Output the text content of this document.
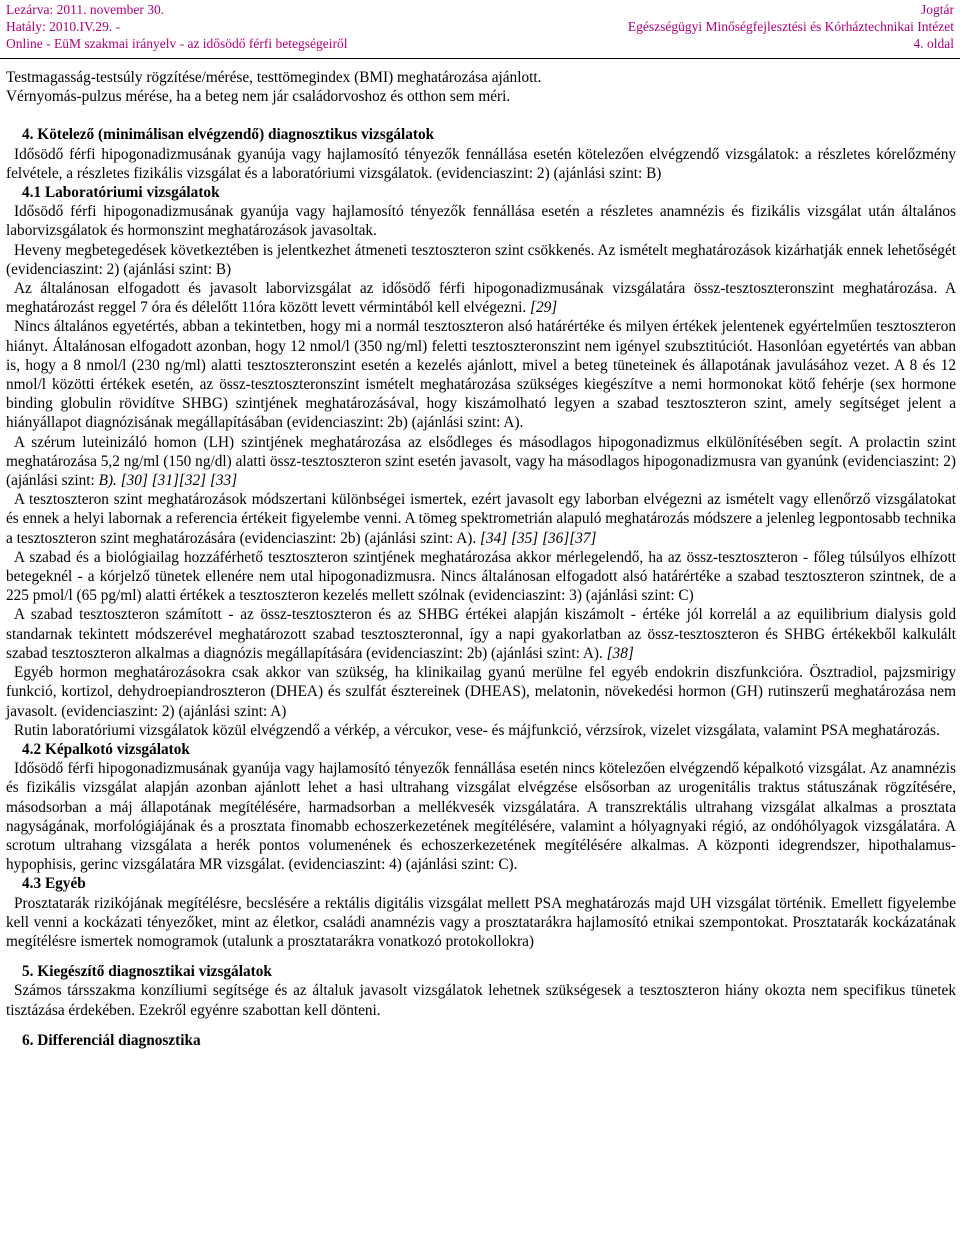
Lezárva: 2011. november 30.
Hatály: 2010.IV.29. -
Online - EüM szakmai irányelv - az idősödő férfi betegségeiről
Jogtár
Egészségügyi Minőségfejlesztési és Kórháztechnikai Intézet
4. oldal

Testmagasság-testsúly rögzítése/mérése, testtömegindex (BMI) meghatározása ajánlott.

Vérnyomás-pulzus mérése, ha a beteg nem jár családorvoshoz és otthon sem méri.

4. Kötelező (minimálisan elvégzendő) diagnosztikus vizsgálatok

Idősödő férfi hipogonadizmusának gyanúja vagy hajlamosító tényezők fennállása esetén kötelezően elvégzendő vizsgálatok: a részletes kórelőzmény felvétele, a részletes fizikális vizsgálat és a laboratóriumi vizsgálatok. (evidenciaszint: 2) (ajánlási szint: B)

4.1 Laboratóriumi vizsgálatok

Idősödő férfi hipogonadizmusának gyanúja vagy hajlamosító tényezők fennállása esetén a részletes anamnézis és fizikális vizsgálat után általános laborvizsgálatok és hormonszint meghatározások javasoltak.

Heveny megbetegedések következtében is jelentkezhet átmeneti tesztoszteron szint csökkenés. Az ismételt meghatározások kizárhatják ennek lehetőségét (evidenciaszint: 2) (ajánlási szint: B)

Az általánosan elfogadott és javasolt laborvizsgálat az idősödő férfi hipogonadizmusának vizsgálatára össz-tesztoszteronszint meghatározása. A meghatározást reggel 7 óra és délelőtt 11óra között levett vérmintából kell elvégezni. [29]

Nincs általános egyetértés, abban a tekintetben, hogy mi a normál tesztoszteron alsó határértéke és milyen értékek jelentenek egyértelműen tesztoszteron hiányt. Általánosan elfogadott azonban, hogy 12 nmol/l (350 ng/ml) feletti tesztoszteronszint nem igényel szubsztitúciót. Hasonlóan egyetértés van abban is, hogy a 8 nmol/l (230 ng/ml) alatti tesztoszteronszint esetén a kezelés ajánlott, mivel a beteg tüneteinek és állapotának javulásához vezet. A 8 és 12 nmol/l közötti értékek esetén, az össz-tesztoszteronszint ismételt meghatározása szükséges kiegészítve a nemi hormonokat kötő fehérje (sex hormone binding globulin rövidítve SHBG) szintjének meghatározásával, hogy kiszámolható legyen a szabad tesztoszteron szint, amely segítséget jelent a hiányállapot diagnózisának megállapításában (evidenciaszint: 2b) (ajánlási szint: A).

A szérum luteinizáló homon (LH) szintjének meghatározása az elsődleges és másodlagos hipogonadizmus elkülönítésében segít. A prolactin szint meghatározása 5,2 ng/ml (150 ng/dl) alatti össz-tesztoszteron szint esetén javasolt, vagy ha másodlagos hipogonadizmusra van gyanúnk (evidenciaszint: 2) (ajánlási szint: B). [30] [31][32] [33]

A tesztoszteron szint meghatározások módszertani különbségei ismertek, ezért javasolt egy laborban elvégezni az ismételt vagy ellenőrző vizsgálatokat és ennek a helyi labornak a referencia értékeit figyelembe venni. A tömeg spektrometrián alapuló meghatározás módszere a jelenleg legpontosabb technika a tesztoszteron szint meghatározására (evidenciaszint: 2b) (ajánlási szint: A). [34] [35] [36][37]

A szabad és a biológiailag hozzáférhető tesztoszteron szintjének meghatározása akkor mérlegelendő, ha az össz-tesztoszteron - főleg túlsúlyos elhízott betegeknél - a kórjelző tünetek ellenére nem utal hipogonadizmusra. Nincs általánosan elfogadott alsó határértéke a szabad tesztoszteron szintnek, de a 225 pmol/l (65 pg/ml) alatti értékek a tesztoszteron kezelés mellett szólnak (evidenciaszint: 3) (ajánlási szint: C)

A szabad tesztoszteron számított - az össz-tesztoszteron és az SHBG értékei alapján kiszámolt - értéke jól korrelál a az equilibrium dialysis gold standarnak tekintett módszerével meghatározott szabad tesztoszteronnal, így a napi gyakorlatban az össz-tesztoszteron és SHBG értékekből kalkulált szabad tesztoszteron alkalmas a diagnózis megállapítására (evidenciaszint: 2b) (ajánlási szint: A). [38]

Egyéb hormon meghatározásokra csak akkor van szükség, ha klinikailag gyanú merülne fel egyéb endokrin diszfunkcióra. Ösztradiol, pajzsmirigy funkció, kortizol, dehydroepiandroszteron (DHEA) és szulfát észtereinek (DHEAS), melatonin, növekedési hormon (GH) rutinszerű meghatározása nem javasolt. (evidenciaszint: 2) (ajánlási szint: A)

Rutin laboratóriumi vizsgálatok közül elvégzendő a vérkép, a vércukor, vese- és májfunkció, vérzsírok, vizelet vizsgálata, valamint PSA meghatározás.

4.2 Képalkotó vizsgálatok

Idősödő férfi hipogonadizmusának gyanúja vagy hajlamosító tényezők fennállása esetén nincs kötelezően elvégzendő képalkotó vizsgálat. Az anamnézis és fizikális vizsgálat alapján azonban ajánlott lehet a hasi ultrahang vizsgálat elvégzése elsősorban az urogenitális traktus státuszának rögzítésére, másodsorban a máj állapotának megítélésére, harmadsorban a mellékvesék vizsgálatára. A transzrektális ultrahang vizsgálat alkalmas a prosztata nagyságának, morfológiájának és a prosztata finomabb echoszerkezetének megítélésére, valamint a hólyagnyaki régió, az ondóhólyagok vizsgálatára. A scrotum ultrahang vizsgálata a herék pontos volumenének és echoszerkezetének megítélésére alkalmas. A központi idegrendszer, hipothalamus-hypophisis, gerinc vizsgálatára MR vizsgálat. (evidenciaszint: 4) (ajánlási szint: C).

4.3 Egyéb

Prosztatarák rizikójának megítélésre, becslésére a rektális digitális vizsgálat mellett PSA meghatározás majd UH vizsgálat történik. Emellett figyelembe kell venni a kockázati tényezőket, mint az életkor, családi anamnézis vagy a prosztatarákra hajlamosító etnikai szempontokat. Prosztatarák kockázatának megítélésre ismertek nomogramok (utalunk a prosztatarákra vonatkozó protokollokra)

5. Kiegészítő diagnosztikai vizsgálatok

Számos társszakma konzíliumi segítsége és az általuk javasolt vizsgálatok lehetnek szükségesek a tesztoszteron hiány okozta nem specifikus tünetek tisztázása érdekében. Ezekről egyénre szabottan kell dönteni.

6. Differenciál diagnosztika
